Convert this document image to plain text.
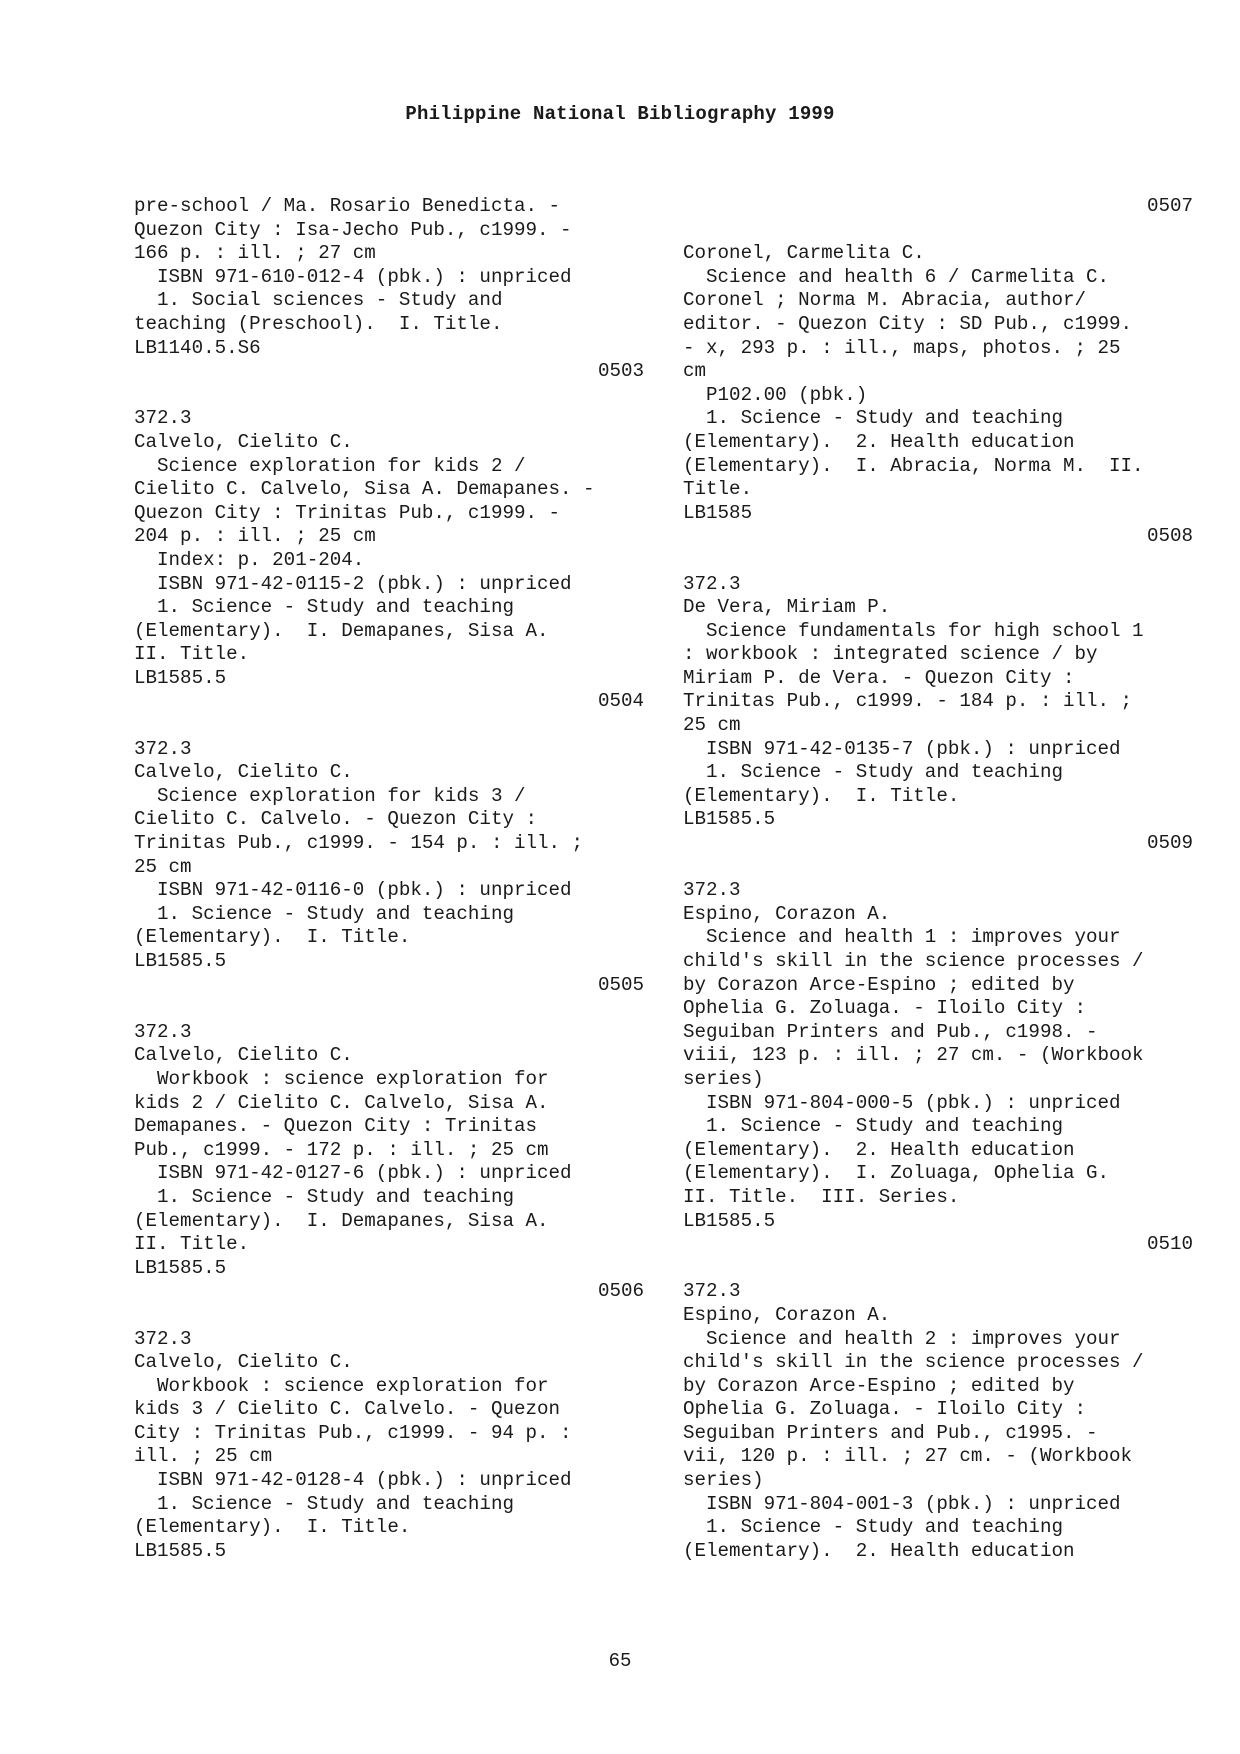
Philippine National Bibliography 1999
pre-school / Ma. Rosario Benedicta. -
Quezon City : Isa-Jecho Pub., c1999. -
166 p. : ill. ; 27 cm
ISBN 971-610-012-4 (pbk.) : unpriced
1. Social sciences - Study and
teaching (Preschool).  I. Title.
LB1140.5.S6
0503
372.3
Calvelo, Cielito C.
Science exploration for kids 2 /
Cielito C. Calvelo, Sisa A. Demapanes. -
Quezon City : Trinitas Pub., c1999. -
204 p. : ill. ; 25 cm
Index: p. 201-204.
ISBN 971-42-0115-2 (pbk.) : unpriced
1. Science - Study and teaching
(Elementary).  I. Demapanes, Sisa A.
II. Title.
LB1585.5
0504
372.3
Calvelo, Cielito C.
Science exploration for kids 3 /
Cielito C. Calvelo. - Quezon City :
Trinitas Pub., c1999. - 154 p. : ill. ;
25 cm
ISBN 971-42-0116-0 (pbk.) : unpriced
1. Science - Study and teaching
(Elementary).  I. Title.
LB1585.5
0505
372.3
Calvelo, Cielito C.
Workbook : science exploration for
kids 2 / Cielito C. Calvelo, Sisa A.
Demapanes. - Quezon City : Trinitas
Pub., c1999. - 172 p. : ill. ; 25 cm
ISBN 971-42-0127-6 (pbk.) : unpriced
1. Science - Study and teaching
(Elementary).  I. Demapanes, Sisa A.
II. Title.
LB1585.5
0506
372.3
Calvelo, Cielito C.
Workbook : science exploration for
kids 3 / Cielito C. Calvelo. - Quezon
City : Trinitas Pub., c1999. - 94 p. :
ill. ; 25 cm
ISBN 971-42-0128-4 (pbk.) : unpriced
1. Science - Study and teaching
(Elementary).  I. Title.
LB1585.5
0507
Coronel, Carmelita C.
Science and health 6 / Carmelita C.
Coronel ; Norma M. Abracia, author/
editor. - Quezon City : SD Pub., c1999.
- x, 293 p. : ill., maps, photos. ; 25
cm
P102.00 (pbk.)
1. Science - Study and teaching
(Elementary).  2. Health education
(Elementary).  I. Abracia, Norma M.  II.
Title.
LB1585
0508
372.3
De Vera, Miriam P.
Science fundamentals for high school 1
: workbook : integrated science / by
Miriam P. de Vera. - Quezon City :
Trinitas Pub., c1999. - 184 p. : ill. ;
25 cm
ISBN 971-42-0135-7 (pbk.) : unpriced
1. Science - Study and teaching
(Elementary).  I. Title.
LB1585.5
0509
372.3
Espino, Corazon A.
Science and health 1 : improves your
child's skill in the science processes /
by Corazon Arce-Espino ; edited by
Ophelia G. Zoluaga. - Iloilo City :
Seguiban Printers and Pub., c1998. -
viii, 123 p. : ill. ; 27 cm. - (Workbook
series)
ISBN 971-804-000-5 (pbk.) : unpriced
1. Science - Study and teaching
(Elementary).  2. Health education
(Elementary).  I. Zoluaga, Ophelia G.
II. Title.  III. Series.
LB1585.5
0510
372.3
Espino, Corazon A.
Science and health 2 : improves your
child's skill in the science processes /
by Corazon Arce-Espino ; edited by
Ophelia G. Zoluaga. - Iloilo City :
Seguiban Printers and Pub., c1995. -
vii, 120 p. : ill. ; 27 cm. - (Workbook
series)
ISBN 971-804-001-3 (pbk.) : unpriced
1. Science - Study and teaching
(Elementary).  2. Health education
65
